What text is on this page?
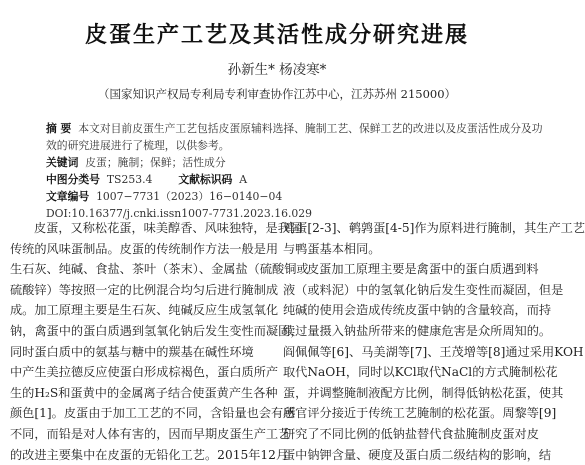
皮蛋生产工艺及其活性成分研究进展
孙新生* 杨凌寒*
（国家知识产权局专利局专利审查协作江苏中心，江苏苏州 215000）
摘 要 本文对目前皮蛋生产工艺包括皮蛋原辅料选择、腌制工艺、保鲜工艺的改进以及皮蛋活性成分及功
效的研究进展进行了梳理，以供参考。
关键词 皮蛋；腌制；保鲜；活性成分
中图分类号 TS253.4 文献标识码 A
文章编号 1007−7731（2023）16−0140−04
DOI:10.16377/j.cnki.issn1007-7731.2023.16.029
皮蛋，又称松花蛋，味美醇香、风味独特，是我国
传统的风味蛋制品。皮蛋的传统制作方法一般是用
生石灰、纯碱、食盐、茶叶（茶末）、金属盐（硫酸铜或
硫酸锌）等按照一定的比例混合均匀后进行腌制成
成。加工原理主要是生石灰、纯碱反应生成氢氧化
钠，禽蛋中的蛋白质遇到氢氧化钠后发生变性而凝固，
同时蛋白质中的氨基与糖中的羰基在碱性环境
中产生美拉德反应使蛋白形成棕褐色，蛋白质所产
生的H₂S和蛋黄中的金属离子结合使蛋黄产生各种
颜色[1]。皮蛋由于加工工艺的不同，含铅量也会有所
不同，而铅是对人体有害的，因而早期皮蛋生产工艺
的改进主要集中在皮蛋的无铅化工艺。2015年12月
鸡蛋[2-3]、鹌鹑蛋[4-5]作为原料进行腌制，其生产工艺
与鸭蛋基本相同。
皮蛋加工原理主要是禽蛋中的蛋白质遇到料
液（或料泥）中的氢氧化钠后发生变性而凝固，但是
纯碱的使用会造成传统皮蛋中钠的含量较高，而持
续过量摄入钠盐所带来的健康危害是众所周知的。
阎佩佩等[6]、马美湖等[7]、王茂增等[8]通过采用KOH
取代NaOH，同时以KCl取代NaCl的方式腌制松花
蛋，并调整腌制液配方比例，制得低钠松花蛋，使其
感官评分接近于传统工艺腌制的松花蛋。周黎等[9]
研究了不同比例的低钠盐替代食盐腌制皮蛋对皮
蛋中钠钾含量、硬度及蛋白质二级结构的影响，结
